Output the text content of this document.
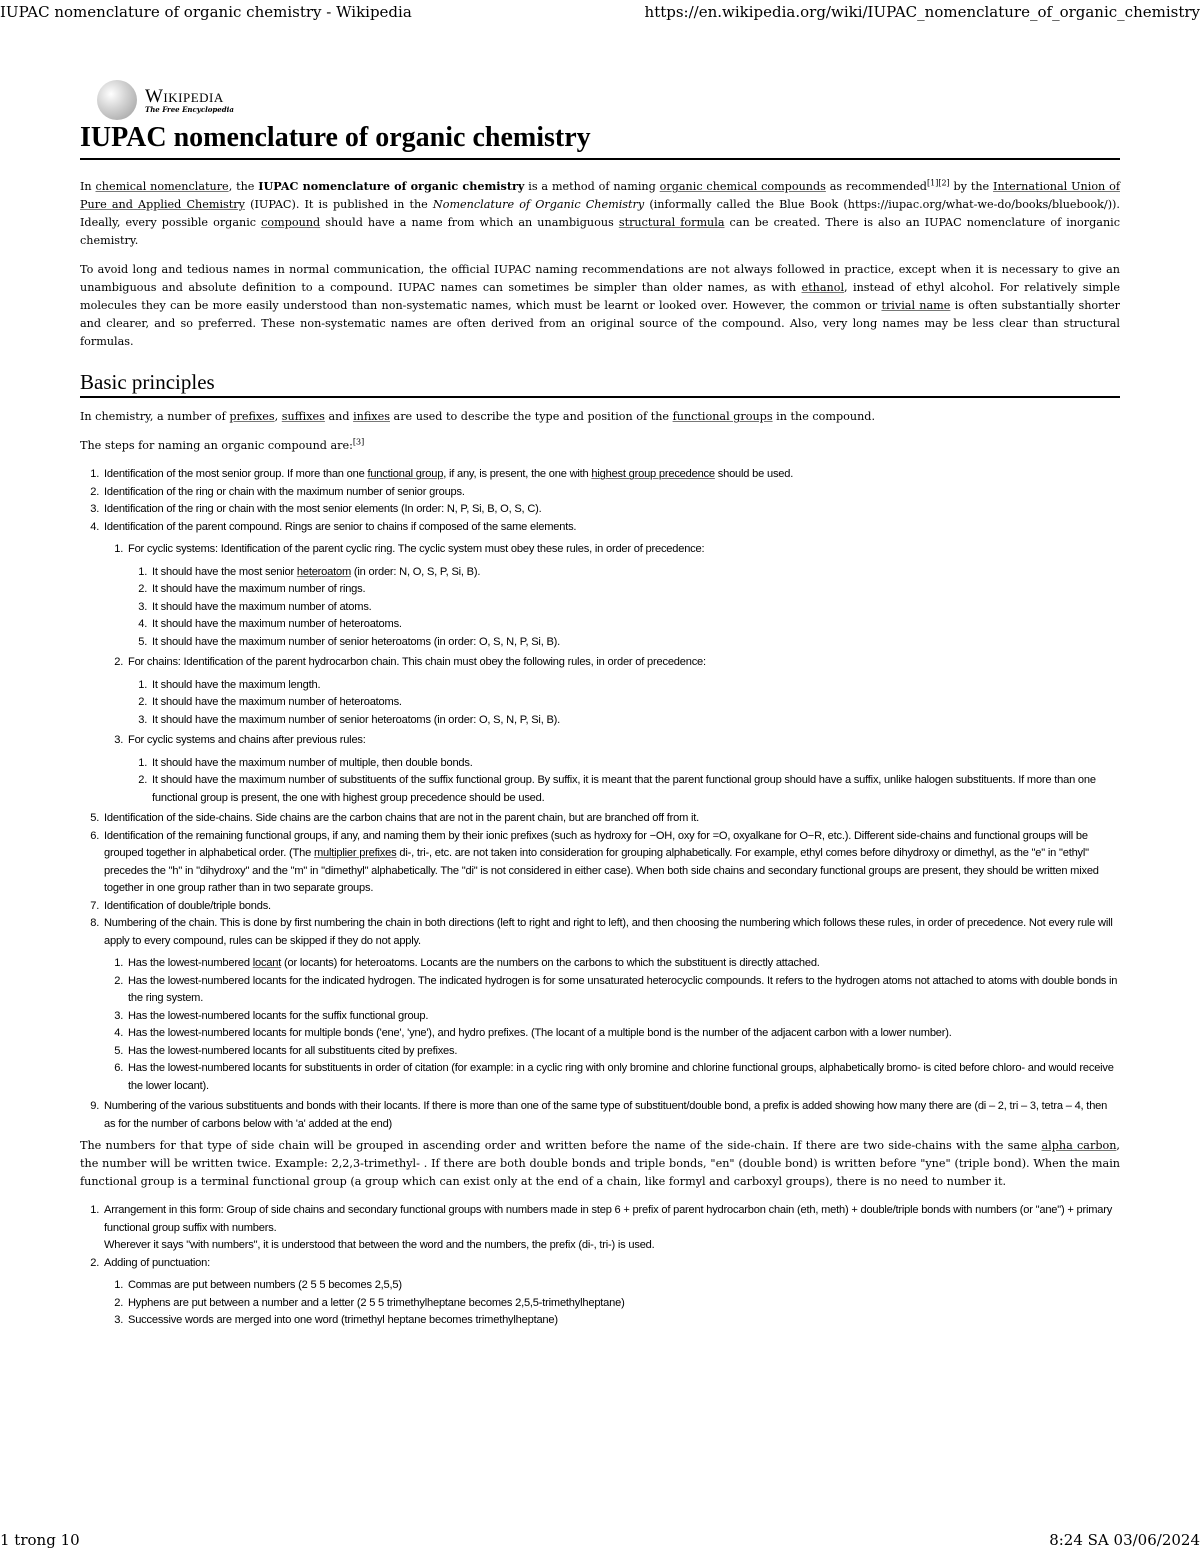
IUPAC nomenclature of organic chemistry - Wikipedia	https://en.wikipedia.org/wiki/IUPAC_nomenclature_of_organic_chemistry
Wikipedia
The Free Encyclopedia
IUPAC nomenclature of organic chemistry

In chemical nomenclature, the IUPAC nomenclature of organic chemistry is a method of naming organic chemical compounds as recommended[1][2] by the International Union of Pure and Applied Chemistry (IUPAC). It is published in the Nomenclature of Organic Chemistry (informally called the Blue Book (https://iupac.org/what-we-do/books/bluebook/)). Ideally, every possible organic compound should have a name from which an unambiguous structural formula can be created. There is also an IUPAC nomenclature of inorganic chemistry.

To avoid long and tedious names in normal communication, the official IUPAC naming recommendations are not always followed in practice, except when it is necessary to give an unambiguous and absolute definition to a compound. IUPAC names can sometimes be simpler than older names, as with ethanol, instead of ethyl alcohol. For relatively simple molecules they can be more easily understood than non-systematic names, which must be learnt or looked over. However, the common or trivial name is often substantially shorter and clearer, and so preferred. These non-systematic names are often derived from an original source of the compound. Also, very long names may be less clear than structural formulas.

Basic principles

In chemistry, a number of prefixes, suffixes and infixes are used to describe the type and position of the functional groups in the compound.

The steps for naming an organic compound are:[3]

1. Identification of the most senior group. If more than one functional group, if any, is present, the one with highest group precedence should be used.
2. Identification of the ring or chain with the maximum number of senior groups.
3. Identification of the ring or chain with the most senior elements (In order: N, P, Si, B, O, S, C).
4. Identification of the parent compound. Rings are senior to chains if composed of the same elements.
1. For cyclic systems: Identification of the parent cyclic ring. The cyclic system must obey these rules, in order of precedence:
1. It should have the most senior heteroatom (in order: N, O, S, P, Si, B).
2. It should have the maximum number of rings.
3. It should have the maximum number of atoms.
4. It should have the maximum number of heteroatoms.
5. It should have the maximum number of senior heteroatoms (in order: O, S, N, P, Si, B).
2. For chains: Identification of the parent hydrocarbon chain. This chain must obey the following rules, in order of precedence:
1. It should have the maximum length.
2. It should have the maximum number of heteroatoms.
3. It should have the maximum number of senior heteroatoms (in order: O, S, N, P, Si, B).
3. For cyclic systems and chains after previous rules:
1. It should have the maximum number of multiple, then double bonds.
2. It should have the maximum number of substituents of the suffix functional group. By suffix, it is meant that the parent functional group should have a suffix, unlike halogen substituents. If more than one functional group is present, the one with highest group precedence should be used.
5. Identification of the side-chains. Side chains are the carbon chains that are not in the parent chain, but are branched off from it.
6. Identification of the remaining functional groups, if any, and naming them by their ionic prefixes (such as hydroxy for −OH, oxy for =O, oxyalkane for O−R, etc.). Different side-chains and functional groups will be grouped together in alphabetical order. (The multiplier prefixes di-, tri-, etc. are not taken into consideration for grouping alphabetically. For example, ethyl comes before dihydroxy or dimethyl, as the "e" in "ethyl" precedes the "h" in "dihydroxy" and the "m" in "dimethyl" alphabetically. The "di" is not considered in either case). When both side chains and secondary functional groups are present, they should be written mixed together in one group rather than in two separate groups.
7. Identification of double/triple bonds.
8. Numbering of the chain. This is done by first numbering the chain in both directions (left to right and right to left), and then choosing the numbering which follows these rules, in order of precedence. Not every rule will apply to every compound, rules can be skipped if they do not apply.
1. Has the lowest-numbered locant (or locants) for heteroatoms. Locants are the numbers on the carbons to which the substituent is directly attached.
2. Has the lowest-numbered locants for the indicated hydrogen. The indicated hydrogen is for some unsaturated heterocyclic compounds. It refers to the hydrogen atoms not attached to atoms with double bonds in the ring system.
3. Has the lowest-numbered locants for the suffix functional group.
4. Has the lowest-numbered locants for multiple bonds ('ene', 'yne'), and hydro prefixes. (The locant of a multiple bond is the number of the adjacent carbon with a lower number).
5. Has the lowest-numbered locants for all substituents cited by prefixes.
6. Has the lowest-numbered locants for substituents in order of citation (for example: in a cyclic ring with only bromine and chlorine functional groups, alphabetically bromo- is cited before chloro- and would receive the lower locant).
9. Numbering of the various substituents and bonds with their locants. If there is more than one of the same type of substituent/double bond, a prefix is added showing how many there are (di – 2, tri – 3, tetra – 4, then as for the number of carbons below with 'a' added at the end)

The numbers for that type of side chain will be grouped in ascending order and written before the name of the side-chain. If there are two side-chains with the same alpha carbon, the number will be written twice. Example: 2,2,3-trimethyl- . If there are both double bonds and triple bonds, "en" (double bond) is written before "yne" (triple bond). When the main functional group is a terminal functional group (a group which can exist only at the end of a chain, like formyl and carboxyl groups), there is no need to number it.

1. Arrangement in this form: Group of side chains and secondary functional groups with numbers made in step 6 + prefix of parent hydrocarbon chain (eth, meth) + double/triple bonds with numbers (or "ane") + primary functional group suffix with numbers.
Wherever it says "with numbers", it is understood that between the word and the numbers, the prefix (di-, tri-) is used.
2. Adding of punctuation:
1. Commas are put between numbers (2 5 5 becomes 2,5,5)
2. Hyphens are put between a number and a letter (2 5 5 trimethylheptane becomes 2,5,5-trimethylheptane)
3. Successive words are merged into one word (trimethyl heptane becomes trimethylheptane)
1 trong 10	8:24 SA 03/06/2024
